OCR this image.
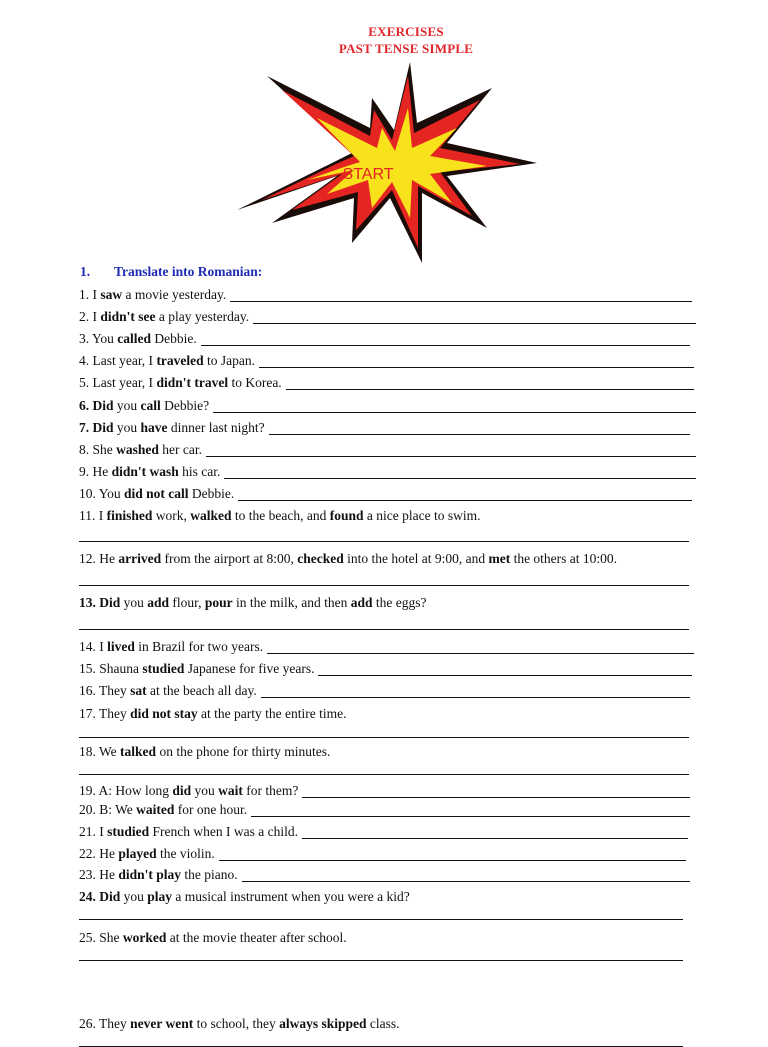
EXERCISES
PAST TENSE SIMPLE
START
1. Translate into Romanian:
1. I saw a movie yesterday.
2. I didn't see a play yesterday.
3. You called Debbie.
4. Last year, I traveled to Japan.
5. Last year, I didn't travel to Korea.
6. Did you call Debbie?
7. Did you have dinner last night?
8. She washed her car.
9. He didn't wash his car.
10. You did not call Debbie.
11. I finished work, walked to the beach, and found a nice place to swim.
12. He arrived from the airport at 8:00, checked into the hotel at 9:00, and met the others at 10:00.
13. Did you add flour, pour in the milk, and then add the eggs?
14. I lived in Brazil for two years.
15. Shauna studied Japanese for five years.
16. They sat at the beach all day.
17. They did not stay at the party the entire time.
18. We talked on the phone for thirty minutes.
19. A: How long did you wait for them?
20. B: We waited for one hour.
21. I studied French when I was a child.
22. He played the violin.
23. He didn't play the piano.
24. Did you play a musical instrument when you were a kid?
25. She worked at the movie theater after school.
26. They never went to school, they always skipped class.
